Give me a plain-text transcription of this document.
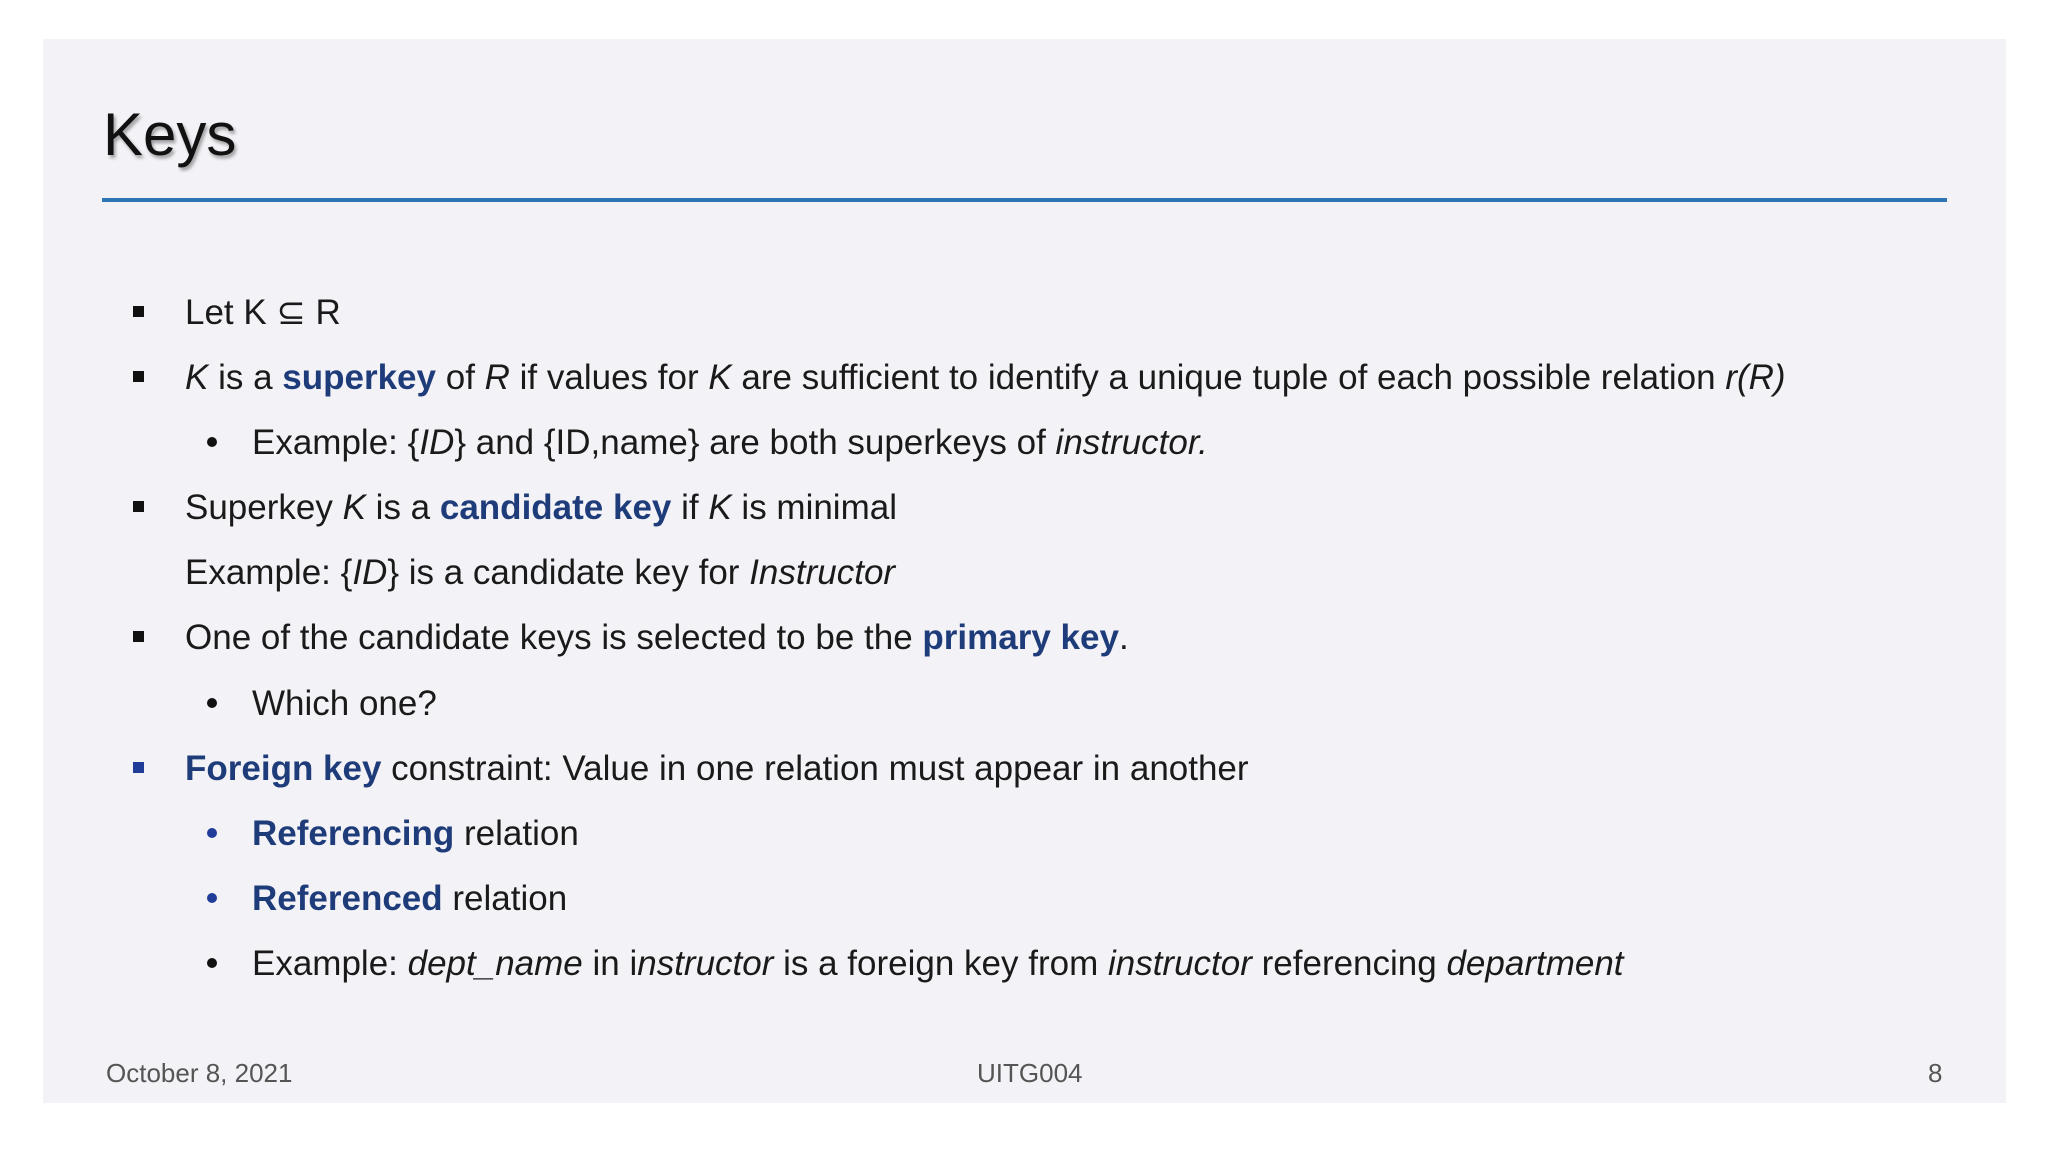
Keys
Let K ⊆ R
K is a superkey of R if values for K are sufficient to identify a unique tuple of each possible relation r(R)
Example: {ID} and {ID,name} are both superkeys of instructor.
Superkey K is a candidate key if K is minimal
Example: {ID} is a candidate key for Instructor
One of the candidate keys is selected to be the primary key.
Which one?
Foreign key constraint: Value in one relation must appear in another
Referencing relation
Referenced relation
Example: dept_name in instructor is a foreign key from instructor referencing department
October 8, 2021	UITG004	8
